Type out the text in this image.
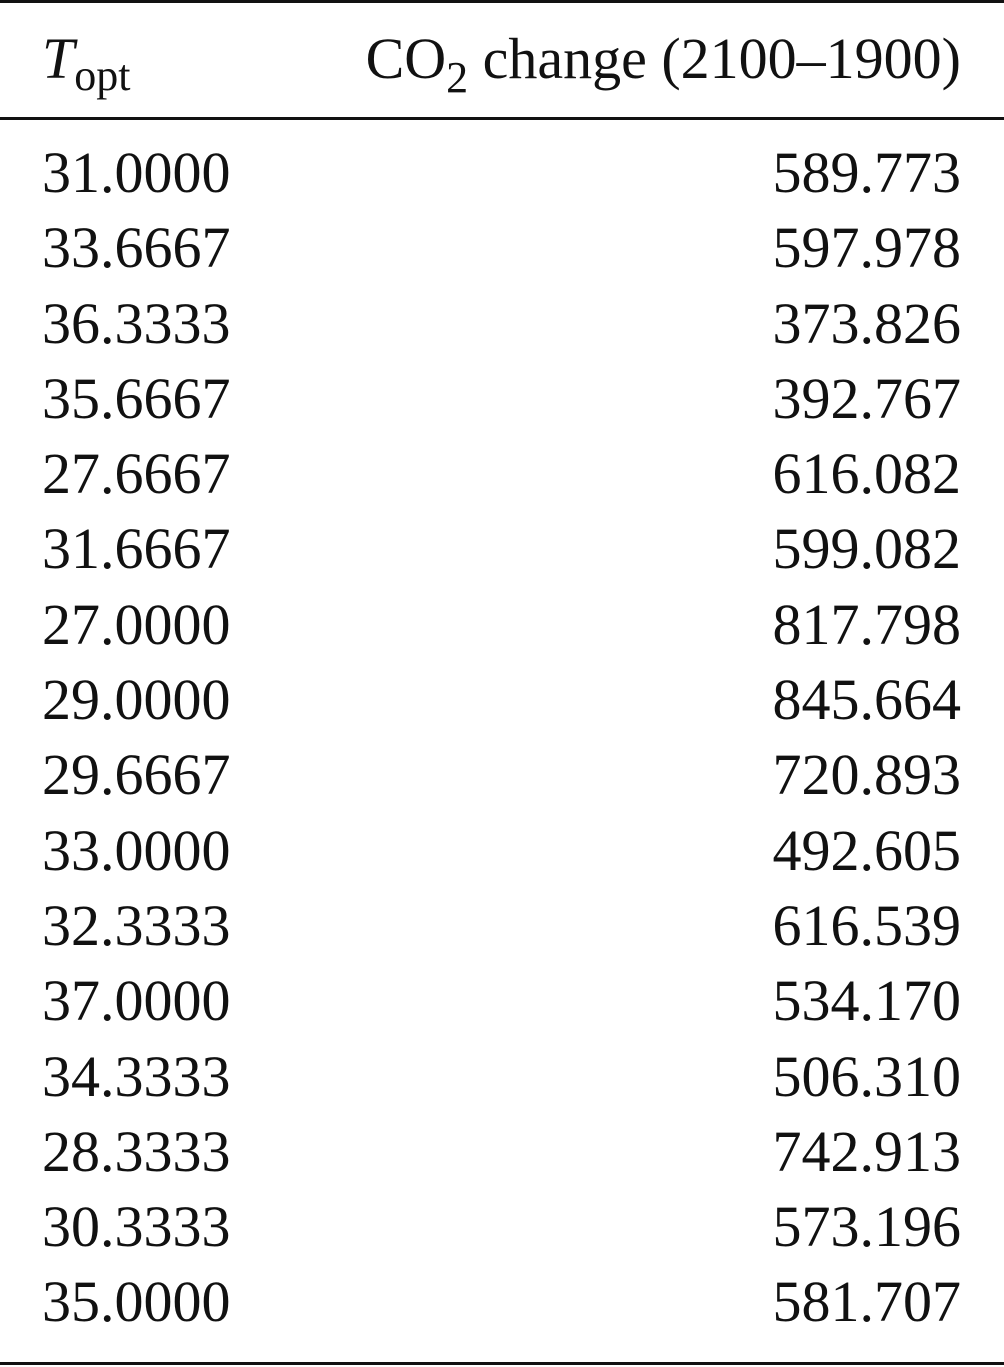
$T_{opt}$	$CO_2$ change (2100–1900)
31.0000	589.773
33.6667	597.978
36.3333	373.826
35.6667	392.767
27.6667	616.082
31.6667	599.082
27.0000	817.798
29.0000	845.664
29.6667	720.893
33.0000	492.605
32.3333	616.539
37.0000	534.170
34.3333	506.310
28.3333	742.913
30.3333	573.196
35.0000	581.707
